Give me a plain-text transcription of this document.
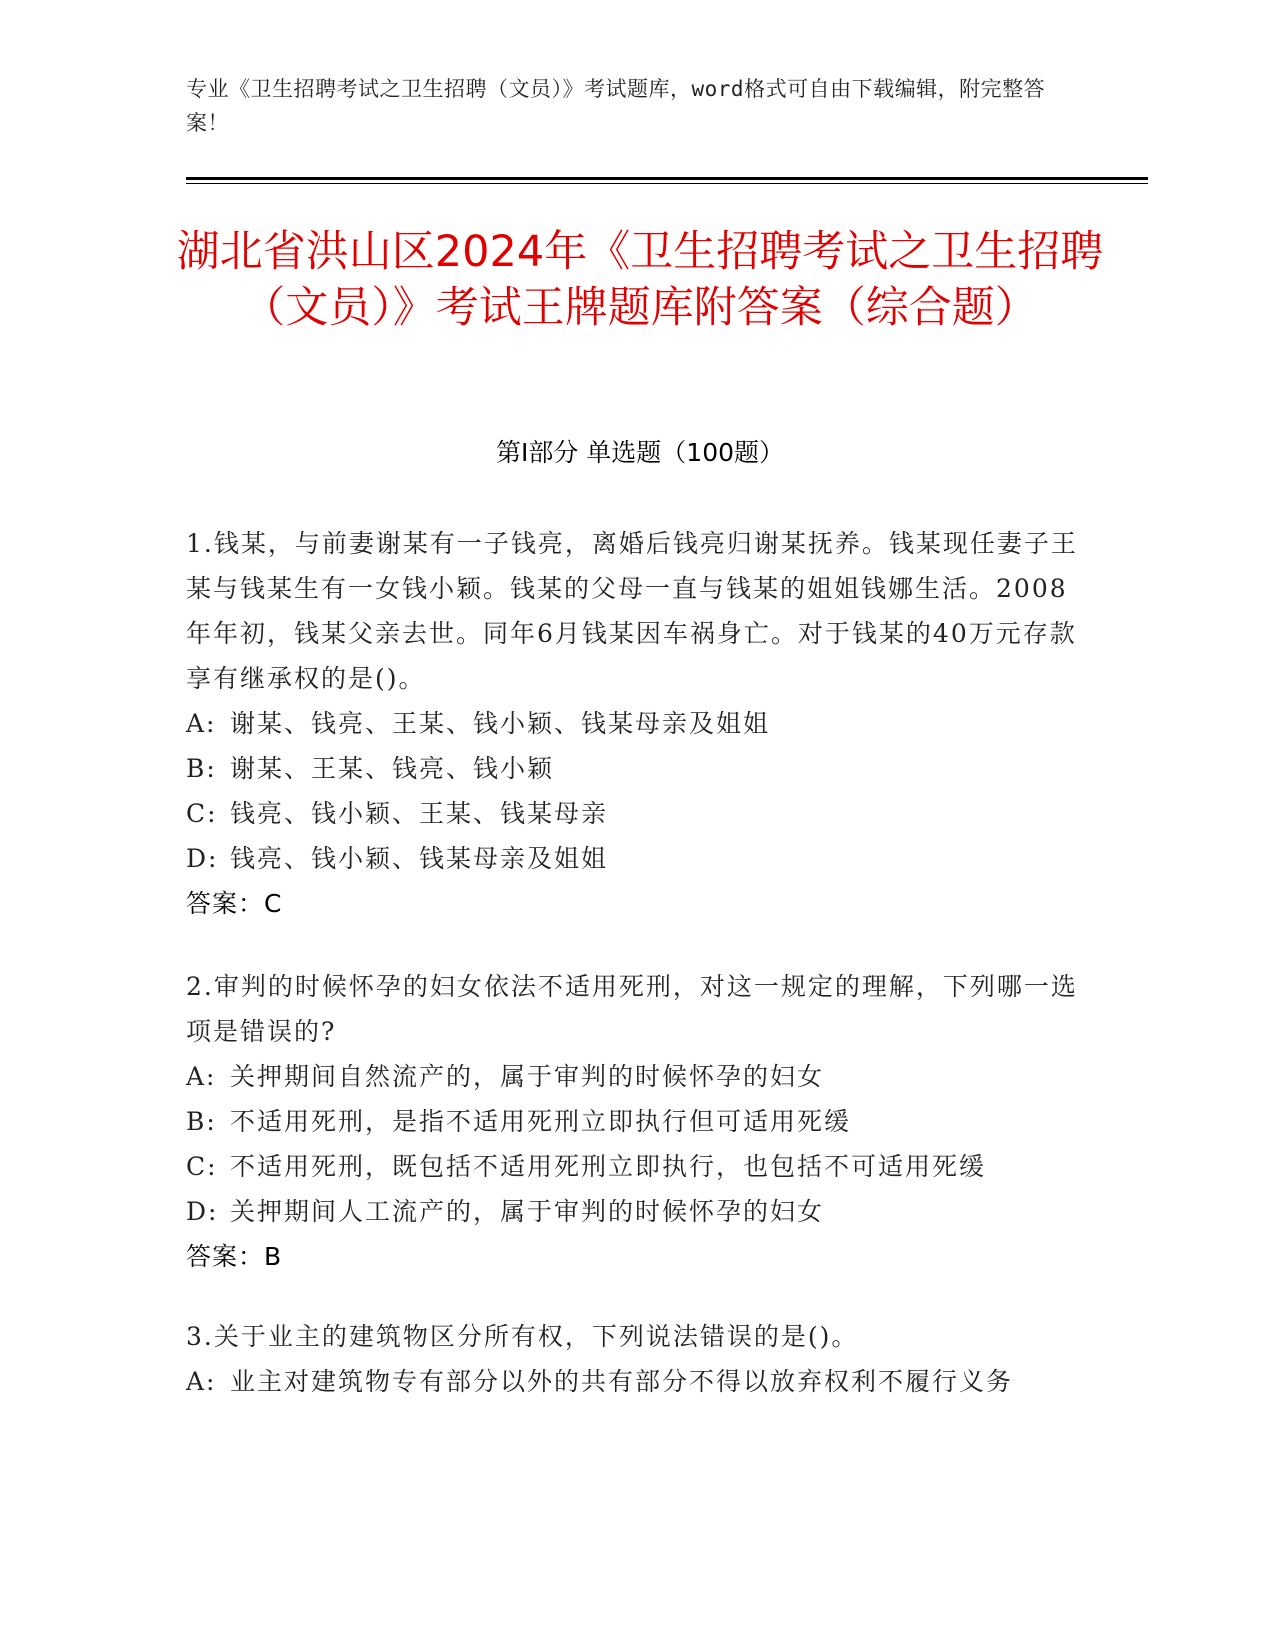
专业《卫生招聘考试之卫生招聘（文员）》考试题库，word格式可自由下载编辑，附完整答案！
湖北省洪山区2024年《卫生招聘考试之卫生招聘（文员）》考试王牌题库附答案（综合题）
第I部分 单选题（100题）

1.钱某，与前妻谢某有一子钱亮，离婚后钱亮归谢某抚养。钱某现任妻子王某与钱某生有一女钱小颖。钱某的父母一直与钱某的姐姐钱娜生活。2008年年初，钱某父亲去世。同年6月钱某因车祸身亡。对于钱某的40万元存款享有继承权的是()。

A: 谢某、钱亮、王某、钱小颖、钱某母亲及姐姐

B: 谢某、王某、钱亮、钱小颖

C: 钱亮、钱小颖、王某、钱某母亲

D: 钱亮、钱小颖、钱某母亲及姐姐

答案：C

2.审判的时候怀孕的妇女依法不适用死刑，对这一规定的理解，下列哪一选项是错误的?

A: 关押期间自然流产的，属于审判的时候怀孕的妇女

B: 不适用死刑，是指不适用死刑立即执行但可适用死缓

C: 不适用死刑，既包括不适用死刑立即执行，也包括不可适用死缓

D: 关押期间人工流产的，属于审判的时候怀孕的妇女

答案：B

3.关于业主的建筑物区分所有权，下列说法错误的是()。

A: 业主对建筑物专有部分以外的共有部分不得以放弃权利不履行义务
